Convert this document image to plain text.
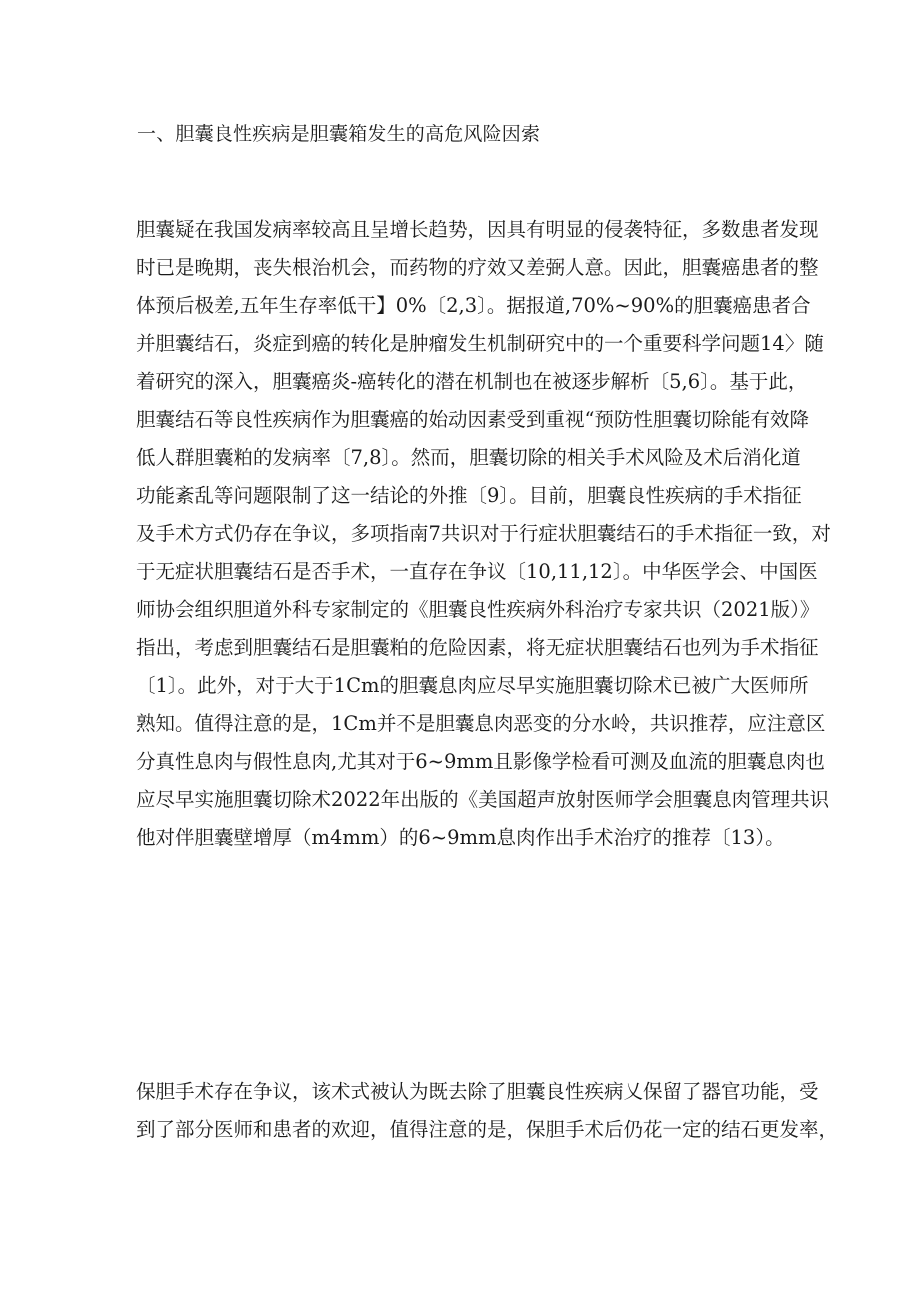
一、胆囊良性疾病是胆囊箱发生的高危风险因索
胆囊疑在我国发病率较高且呈增长趋势，因具有明显的侵袭特征，多数患者发现
时已是晚期，丧失根治机会，而药物的疗效又差弼人意。因此，胆囊癌患者的整
体预后极差,五年生存率低干】0%〔2,3〕。据报道,70%~90%的胆囊癌患者合
并胆囊结石，炎症到癌的转化是肿瘤发生机制研究中的一个重要科学问题14〉随
着研究的深入，胆囊癌炎-癌转化的潜在机制也在被逐步解析〔5,6〕。基于此，
胆囊结石等良性疾病作为胆囊癌的始动因素受到重视“预防性胆囊切除能有效降
低人群胆囊粕的发病率〔7,8〕。然而，胆囊切除的相关手术风险及术后消化道
功能紊乱等问题限制了这一结论的外推〔9〕。目前，胆囊良性疾病的手术指征
及手术方式仍存在争议，多项指南7共识对于行症状胆囊结石的手术指征一致，对
于无症状胆囊结石是否手术，一直存在争议〔10,11,12〕。中华医学会、中国医
师协会组织胆道外科专家制定的《胆囊良性疾病外科治疗专家共识（2021版）》
指出，考虑到胆囊结石是胆囊粕的危险因素，将无症状胆囊结石也列为手术指征
〔1〕。此外，对于大于1Cm的胆囊息肉应尽早实施胆囊切除术已被广大医师所
熟知。值得注意的是，1Cm并不是胆囊息肉恶变的分水岭，共识推荐，应注意区
分真性息肉与假性息肉,尤其对于6~9mm且影像学检看可测及血流的胆囊息肉也
应尽早实施胆囊切除术2022年出版的《美国超声放射医师学会胆囊息肉管理共识
他对伴胆囊壁增厚（m4mm）的6~9mm息肉作出手术治疗的推荐〔13）。
保胆手术存在争议，该术式被认为既去除了胆囊良性疾病乂保留了器官功能，受
到了部分医师和患者的欢迎，值得注意的是，保胆手术后仍花一定的结石更发率，
